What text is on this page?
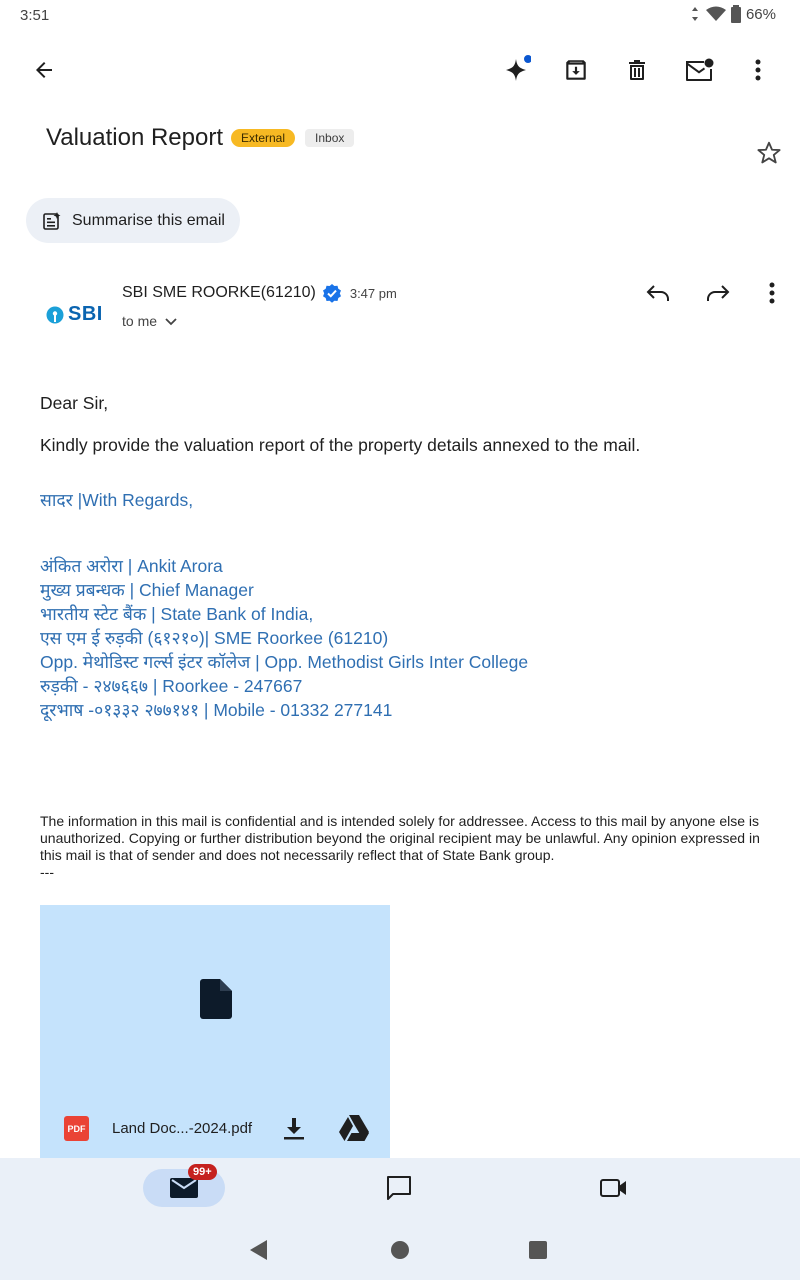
3:51	66%
Valuation Report	External	Inbox
Summarise this email
SBI
SBI SME ROORKE(61210)	3:47 pm
to me
Dear Sir,
Kindly provide the valuation report of the property details annexed to the mail.
सादर |With Regards,
अंकित अरोरा | Ankit Arora
मुख्य प्रबन्धक | Chief Manager
भारतीय स्टेट बैंक | State Bank of India,
एस एम ई रुड़की (६१२१०)| SME Roorkee (61210)
Opp. मेथोडिस्ट गर्ल्स इंटर कॉलेज | Opp. Methodist Girls Inter College
रुड़की - २४७६६७ | Roorkee - 247667
दूरभाष -०१३३२ २७७१४१ | Mobile - 01332 277141
The information in this mail is confidential and is intended solely for addressee. Access to this mail by anyone else is unauthorized. Copying or further distribution beyond the original recipient may be unlawful. Any opinion expressed in this mail is that of sender and does not necessarily reflect that of State Bank group.
---
PDF Land Doc...-2024.pdf
99+
